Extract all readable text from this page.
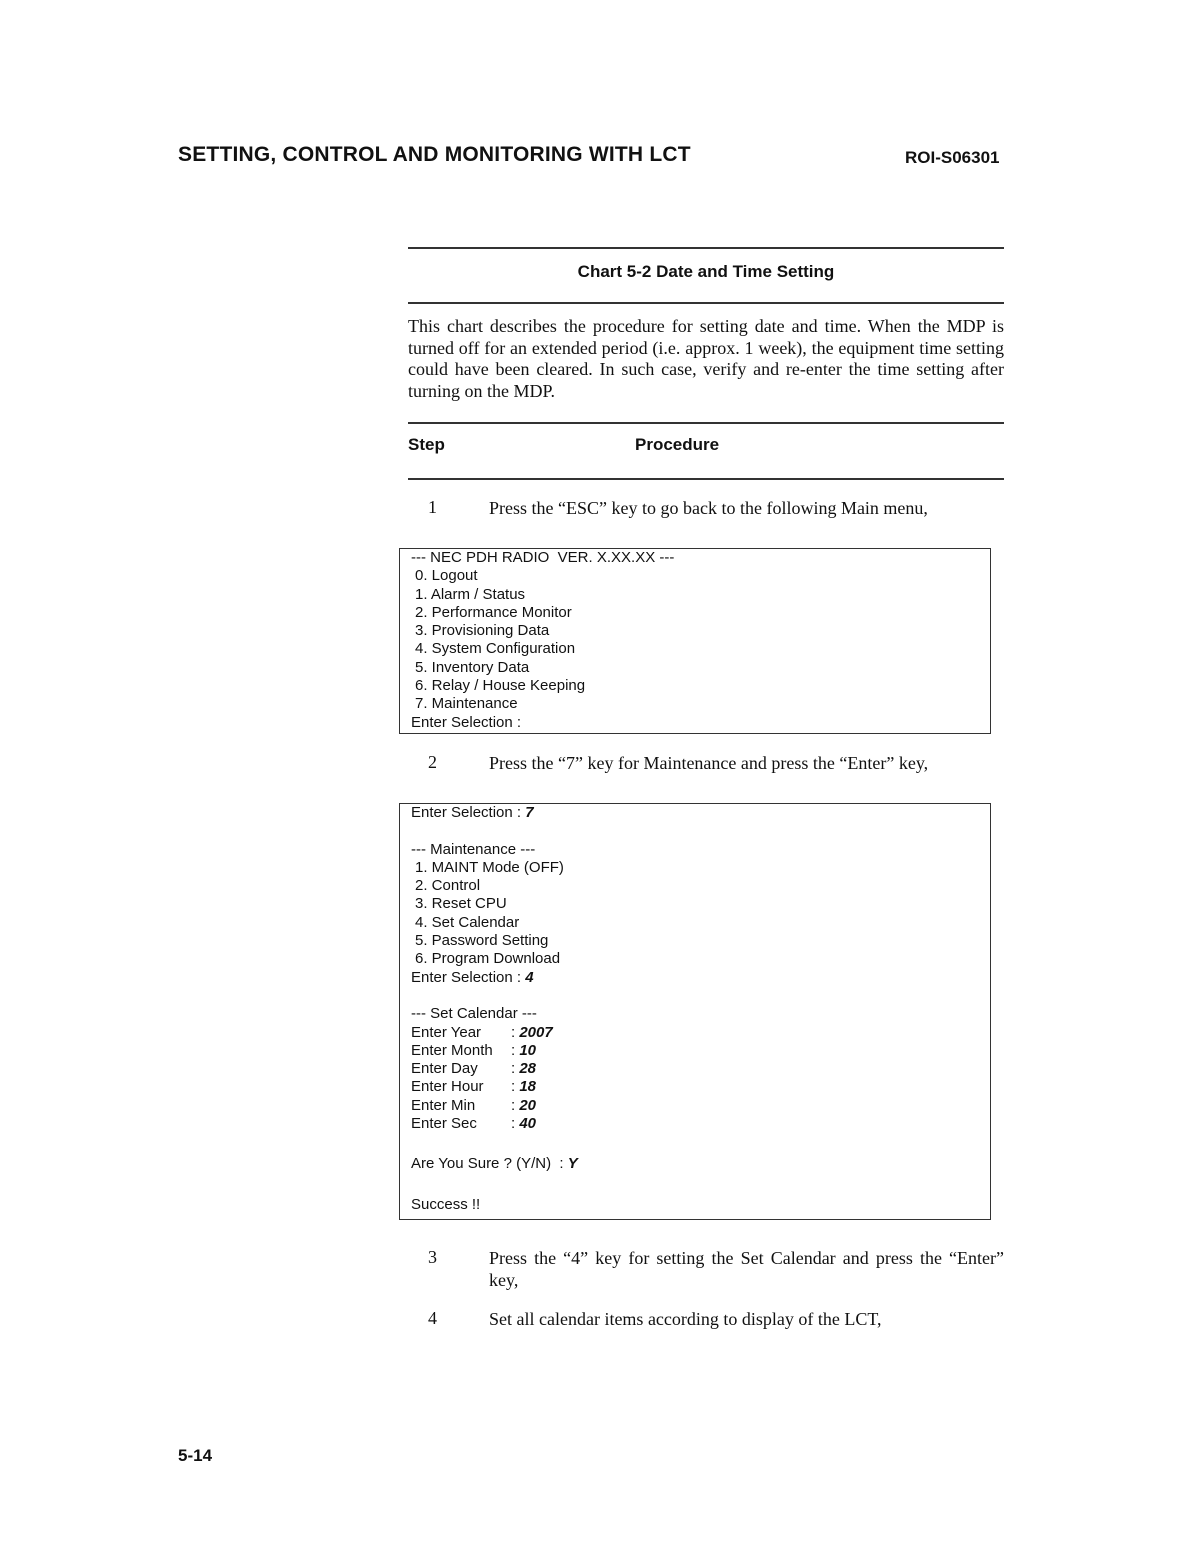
SETTING, CONTROL AND MONITORING WITH LCT	ROI-S06301
Chart 5-2 Date and Time Setting
This chart describes the procedure for setting date and time. When the MDP is turned off for an extended period (i.e. approx. 1 week), the equipment time setting could have been cleared. In such case, verify and re-enter the time setting after turning on the MDP.
Step	Procedure
1	Press the “ESC” key to go back to the following Main menu,
--- NEC PDH RADIO  VER. X.XX.XX ---
0. Logout
1. Alarm / Status
2. Performance Monitor
3. Provisioning Data
4. System Configuration
5. Inventory Data
6. Relay / House Keeping
7. Maintenance
Enter Selection :
2	Press the “7” key for Maintenance and press the “Enter” key,
Enter Selection : 7
--- Maintenance ---
1. MAINT Mode (OFF)
2. Control
3. Reset CPU
4. Set Calendar
5. Password Setting
6. Program Download
Enter Selection : 4
--- Set Calendar ---
Enter Year : 2007
Enter Month : 10
Enter Day : 28
Enter Hour : 18
Enter Min : 20
Enter Sec : 40
Are You Sure ? (Y/N)  : Y
Success !!
3	Press the “4” key for setting the Set Calendar and press the “Enter” key,
4	Set all calendar items according to display of the LCT,
5-14
